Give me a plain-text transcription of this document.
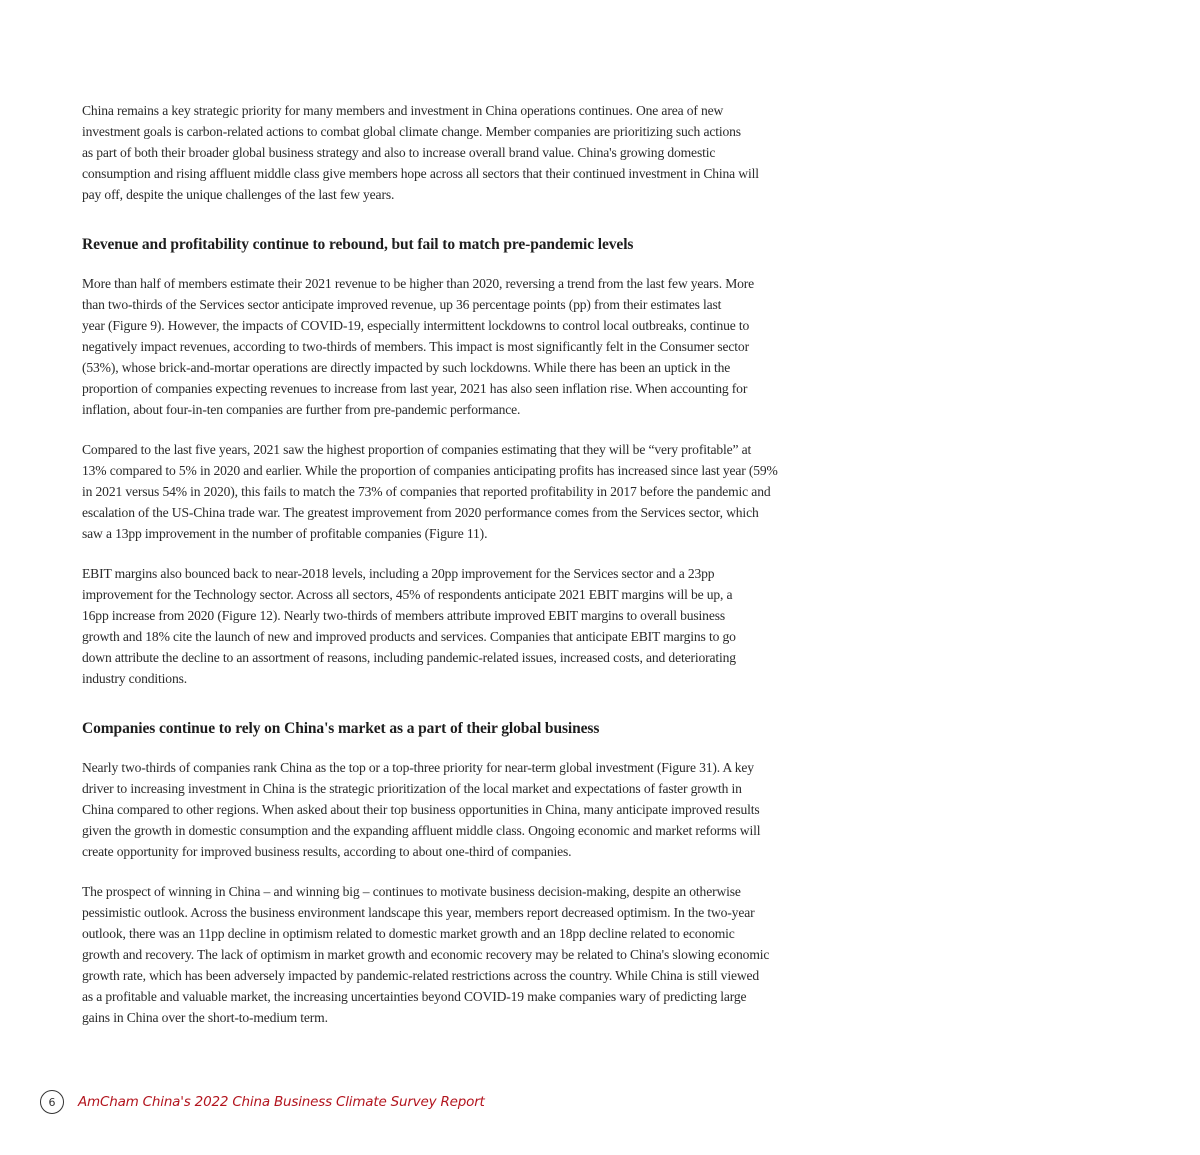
China remains a key strategic priority for many members and investment in China operations continues. One area of new
investment goals is carbon-related actions to combat global climate change. Member companies are prioritizing such actions
as part of both their broader global business strategy and also to increase overall brand value. China's growing domestic
consumption and rising affluent middle class give members hope across all sectors that their continued investment in China will
pay off, despite the unique challenges of the last few years.

Revenue and profitability continue to rebound, but fail to match pre-pandemic levels

More than half of members estimate their 2021 revenue to be higher than 2020, reversing a trend from the last few years. More
than two-thirds of the Services sector anticipate improved revenue, up 36 percentage points (pp) from their estimates last
year (Figure 9). However, the impacts of COVID-19, especially intermittent lockdowns to control local outbreaks, continue to
negatively impact revenues, according to two-thirds of members. This impact is most significantly felt in the Consumer sector
(53%), whose brick-and-mortar operations are directly impacted by such lockdowns. While there has been an uptick in the
proportion of companies expecting revenues to increase from last year, 2021 has also seen inflation rise. When accounting for
inflation, about four-in-ten companies are further from pre-pandemic performance.

Compared to the last five years, 2021 saw the highest proportion of companies estimating that they will be “very profitable” at
13% compared to 5% in 2020 and earlier. While the proportion of companies anticipating profits has increased since last year (59%
in 2021 versus 54% in 2020), this fails to match the 73% of companies that reported profitability in 2017 before the pandemic and
escalation of the US-China trade war. The greatest improvement from 2020 performance comes from the Services sector, which
saw a 13pp improvement in the number of profitable companies (Figure 11).

EBIT margins also bounced back to near-2018 levels, including a 20pp improvement for the Services sector and a 23pp
improvement for the Technology sector. Across all sectors, 45% of respondents anticipate 2021 EBIT margins will be up, a
16pp increase from 2020 (Figure 12). Nearly two-thirds of members attribute improved EBIT margins to overall business
growth and 18% cite the launch of new and improved products and services. Companies that anticipate EBIT margins to go
down attribute the decline to an assortment of reasons, including pandemic-related issues, increased costs, and deteriorating
industry conditions.

Companies continue to rely on China's market as a part of their global business

Nearly two-thirds of companies rank China as the top or a top-three priority for near-term global investment (Figure 31). A key
driver to increasing investment in China is the strategic prioritization of the local market and expectations of faster growth in
China compared to other regions. When asked about their top business opportunities in China, many anticipate improved results
given the growth in domestic consumption and the expanding affluent middle class. Ongoing economic and market reforms will
create opportunity for improved business results, according to about one-third of companies.

The prospect of winning in China – and winning big – continues to motivate business decision-making, despite an otherwise
pessimistic outlook. Across the business environment landscape this year, members report decreased optimism. In the two-year
outlook, there was an 11pp decline in optimism related to domestic market growth and an 18pp decline related to economic
growth and recovery. The lack of optimism in market growth and economic recovery may be related to China's slowing economic
growth rate, which has been adversely impacted by pandemic-related restrictions across the country. While China is still viewed
as a profitable and valuable market, the increasing uncertainties beyond COVID-19 make companies wary of predicting large
gains in China over the short-to-medium term.

6	AmCham China's 2022 China Business Climate Survey Report
